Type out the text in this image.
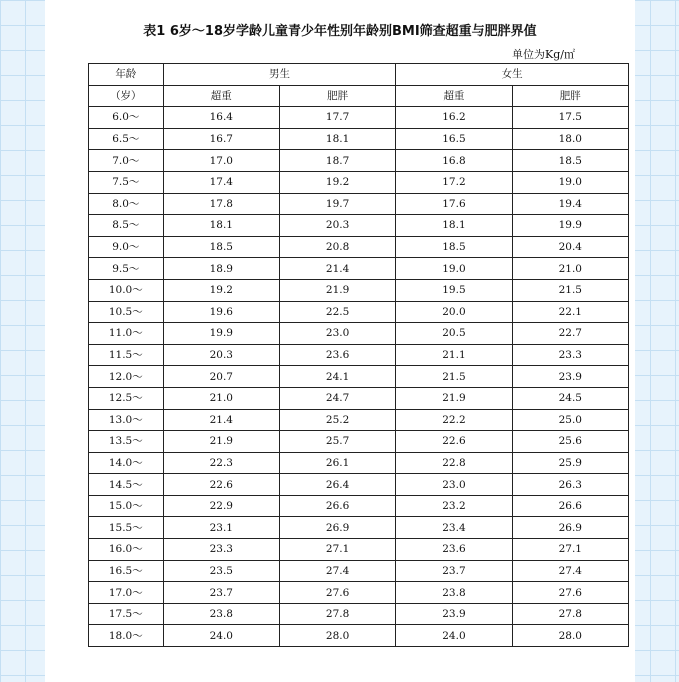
表1 6岁～18岁学龄儿童青少年性别年龄别BMI筛查超重与肥胖界值
单位为Kg/㎡
年龄	男生		女生	
（岁）	超重	肥胖	超重	肥胖
6.0～	16.4	17.7	16.2	17.5
6.5～	16.7	18.1	16.5	18.0
7.0～	17.0	18.7	16.8	18.5
7.5～	17.4	19.2	17.2	19.0
8.0～	17.8	19.7	17.6	19.4
8.5～	18.1	20.3	18.1	19.9
9.0～	18.5	20.8	18.5	20.4
9.5～	18.9	21.4	19.0	21.0
10.0～	19.2	21.9	19.5	21.5
10.5～	19.6	22.5	20.0	22.1
11.0～	19.9	23.0	20.5	22.7
11.5～	20.3	23.6	21.1	23.3
12.0～	20.7	24.1	21.5	23.9
12.5～	21.0	24.7	21.9	24.5
13.0～	21.4	25.2	22.2	25.0
13.5～	21.9	25.7	22.6	25.6
14.0～	22.3	26.1	22.8	25.9
14.5～	22.6	26.4	23.0	26.3
15.0～	22.9	26.6	23.2	26.6
15.5～	23.1	26.9	23.4	26.9
16.0～	23.3	27.1	23.6	27.1
16.5～	23.5	27.4	23.7	27.4
17.0～	23.7	27.6	23.8	27.6
17.5～	23.8	27.8	23.9	27.8
18.0～	24.0	28.0	24.0	28.0
